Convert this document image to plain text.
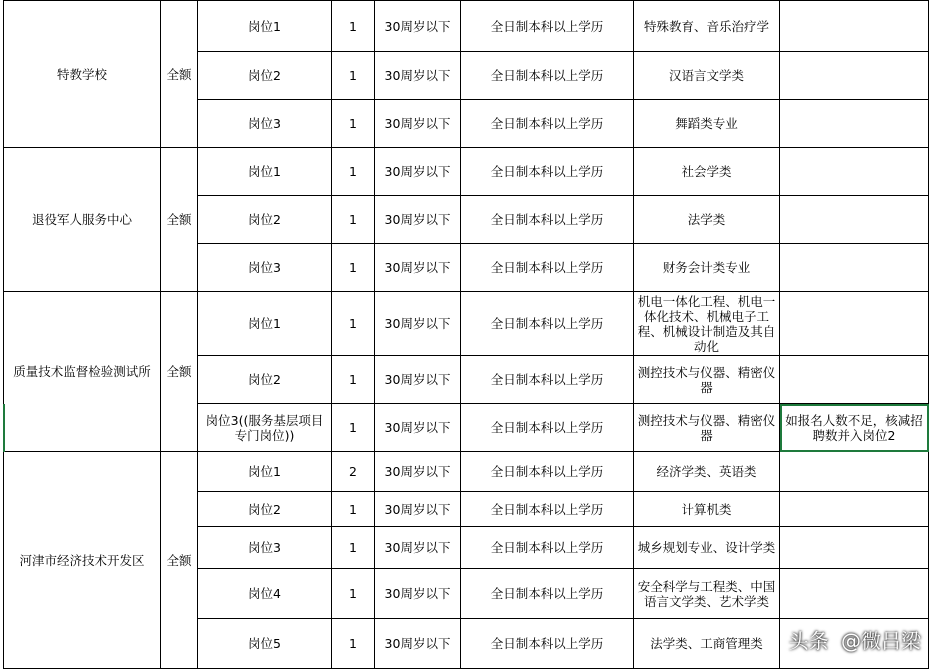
特教学校	全额	岗位1	1	30周岁以下	全日制本科以上学历	特殊教育、音乐治疗学	
		岗位2	1	30周岁以下	全日制本科以上学历	汉语言文学类	
		岗位3	1	30周岁以下	全日制本科以上学历	舞蹈类专业	
退役军人服务中心	全额	岗位1	1	30周岁以下	全日制本科以上学历	社会学类	
		岗位2	1	30周岁以下	全日制本科以上学历	法学类	
		岗位3	1	30周岁以下	全日制本科以上学历	财务会计类专业	
质量技术监督检验测试所	全额	岗位1	1	30周岁以下	全日制本科以上学历	机电一体化工程、机电一体化技术、机械电子工程、机械设计制造及其自动化	
		岗位2	1	30周岁以下	全日制本科以上学历	测控技术与仪器、精密仪器	
		岗位3((服务基层项目专门岗位))	1	30周岁以下	全日制本科以上学历	测控技术与仪器、精密仪器	如报名人数不足，核减招聘数并入岗位2
河津市经济技术开发区	全额	岗位1	2	30周岁以下	全日制本科以上学历	经济学类、英语类	
		岗位2	1	30周岁以下	全日制本科以上学历	计算机类	
		岗位3	1	30周岁以下	全日制本科以上学历	城乡规划专业、设计学类	
		岗位4	1	30周岁以下	全日制本科以上学历	安全科学与工程类、中国语言文学类、艺术学类	
		岗位5	1	30周岁以下	全日制本科以上学历	法学类、工商管理类	头条 @微吕梁
